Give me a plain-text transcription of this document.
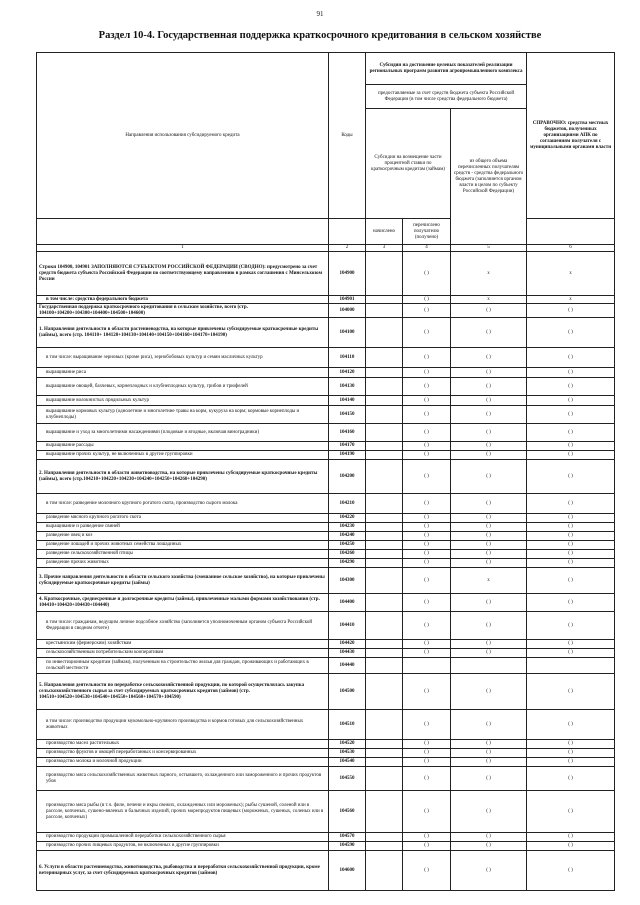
91
Раздел 10-4. Государственная поддержка краткосрочного кредитования в сельском хозяйстве
Направления использования субсидируемого кредита	Коды	Субсидии на достижение целевых показателей реализации региональных программ развития агропромышленного комплекса			СПРАВОЧНО: средства местных бюджетов, полученных организациями АПК по соглашениям получателя с муниципальными органами власти
		предоставляемые за счет средств бюджета субъекта Российской Федерации (в том числе средства федерального бюджета)			
		Субсидии на возмещение части процентной ставки по краткосрочным кредитам (займам)		из общего объема перечисленных получателям средств - средства федерального бюджета (заполняется органом власти в целом по субъекту Российской Федерации)	
		начислено	перечислено получателю (получено)		
1	2	3	4	5	6
Строки 104900, 104901 ЗАПОЛНЯЮТСЯ СУБЪЕКТОМ РОССИЙСКОЙ ФЕДЕРАЦИИ (СВОДНО): предусмотрено за счет средств бюджета субъекта Российской Федерации по соответствующему направлению в рамках соглашения с Минсельхозом России	104900		( )	x	x
в том числе: средства федерального бюджета	104901		( )	x	x
Государственная поддержка краткосрочного кредитования в сельском хозяйстве, всего (стр. 104100+104200+104300+104400+104500+104600)	104000		( )	( )	( )
1. Направления деятельности в области растениеводства, на которые привлечены субсидируемые краткосрочные кредиты (займы), всего (стр. 104110+ 104120+104130+104140+104150+104160+104170+104190)	104100		( )	( )	( )
в том числе: выращивание зерновых (кроме риса), зернобобовых культур и семян масличных культур	104110		( )	( )	( )
выращивание риса	104120		( )	( )	( )
выращивание овощей, бахчевых, корнеплодных и клубнеплодных культур, грибов и трюфелей	104130		( )	( )	( )
выращивание волокнистых прядильных культур	104140		( )	( )	( )
выращивание кормовых культур (однолетние и многолетние травы на корм, кукуруза на корм; кормовые корнеплоды и клубнеплоды)	104150		( )	( )	( )
выращивание и уход за многолетними насаждениями (плодовые и ягодные, включая виноградники)	104160		( )	( )	( )
выращивание рассады	104170		( )	( )	( )
выращивание прочих культур, не включенных в другие группировки	104190		( )	( )	( )
2. Направления деятельности в области животноводства, на которые привлечены субсидируемые краткосрочные кредиты (займы), всего (стр.104210+104220+104230+104240+104250+104260+104290)	104200		( )	( )	( )
в том числе: разведение молочного крупного рогатого скота, производство сырого молока	104210		( )	( )	( )
разведение мясного крупного рогатого скота	104220		( )	( )	( )
выращивание и разведение свиней	104230		( )	( )	( )
разведение овец и коз	104240		( )	( )	( )
разведение лошадей и прочих животных семейства лошадиных	104250		( )	( )	( )
разведение сельскохозяйственной птицы	104260		( )	( )	( )
разведение прочих животных	104290		( )	( )	( )
3. Прочие направления деятельности в области сельского хозяйства (смешанное сельское хозяйство), на которые привлечены субсидируемые краткосрочные кредиты (займы)	104300		( )	x	( )
4. Краткосрочные, среднесрочные и долгосрочные кредиты (займы), привлеченные малыми формами хозяйствования (стр. 104410+104420+104430+104440)	104400		( )	( )	( )
в том числе: гражданам, ведущим личное подсобное хозяйство (заполняется уполномоченным органом субъекта Российской Федерации в сводном отчете)	104410		( )	( )	( )
крестьянским (фермерским) хозяйствам	104420		( )	( )	( )
сельскохозяйственным потребительским кооперативам	104430		( )	( )	( )
по инвестиционным кредитам (займам), полученным на строительство жилья для граждан, проживающих и работающих в сельской местности	104440				
5. Направления деятельности по переработке сельскохозяйственной продукции, по которой осуществлялась закупка сельскохозяйственного сырья за счет субсидируемых краткосрочных кредитов (займов) (стр. 104510+104520+104530+104540+104550+104560+104570+104590)	104500		( )	( )	( )
в том числе: производство продукции мукомольно-крупяного производства и кормов готовых для сельскохозяйственных животных	104510		( )	( )	( )
производство масел растительных	104520		( )	( )	( )
производство фруктов и овощей переработанных и консервированных	104530		( )	( )	( )
производство молока и молочной продукции	104540		( )	( )	( )
производство мяса сельскохозяйственных животных парного, остывшего, охлажденного или замороженного и прочих продуктов убоя	104550		( )	( )	( )
производство мяса рыбы (в т.ч. филе, печени и икры свежих, охлажденных или мороженых); рыбы сушеной, соленой или в рассоле, копченых, сушено-вяленых и балычных изделий, прочих морепродуктов пищевых (мороженых, сушеных, соленых или в рассоле, копченых)	104560		( )	( )	( )
производство продукции промышленной переработки сельскохозяйственного сырья	104570		( )	( )	( )
производство прочих пищевых продуктов, не включенных в другие группировки	104590		( )	( )	( )
6. Услуги в области растениеводства, животноводства, рыбоводства и переработки сельскохозяйственной продукции, кроме ветеринарных услуг, за счет субсидируемых краткосрочных кредитов (займов)	104600		( )	( )	( )
